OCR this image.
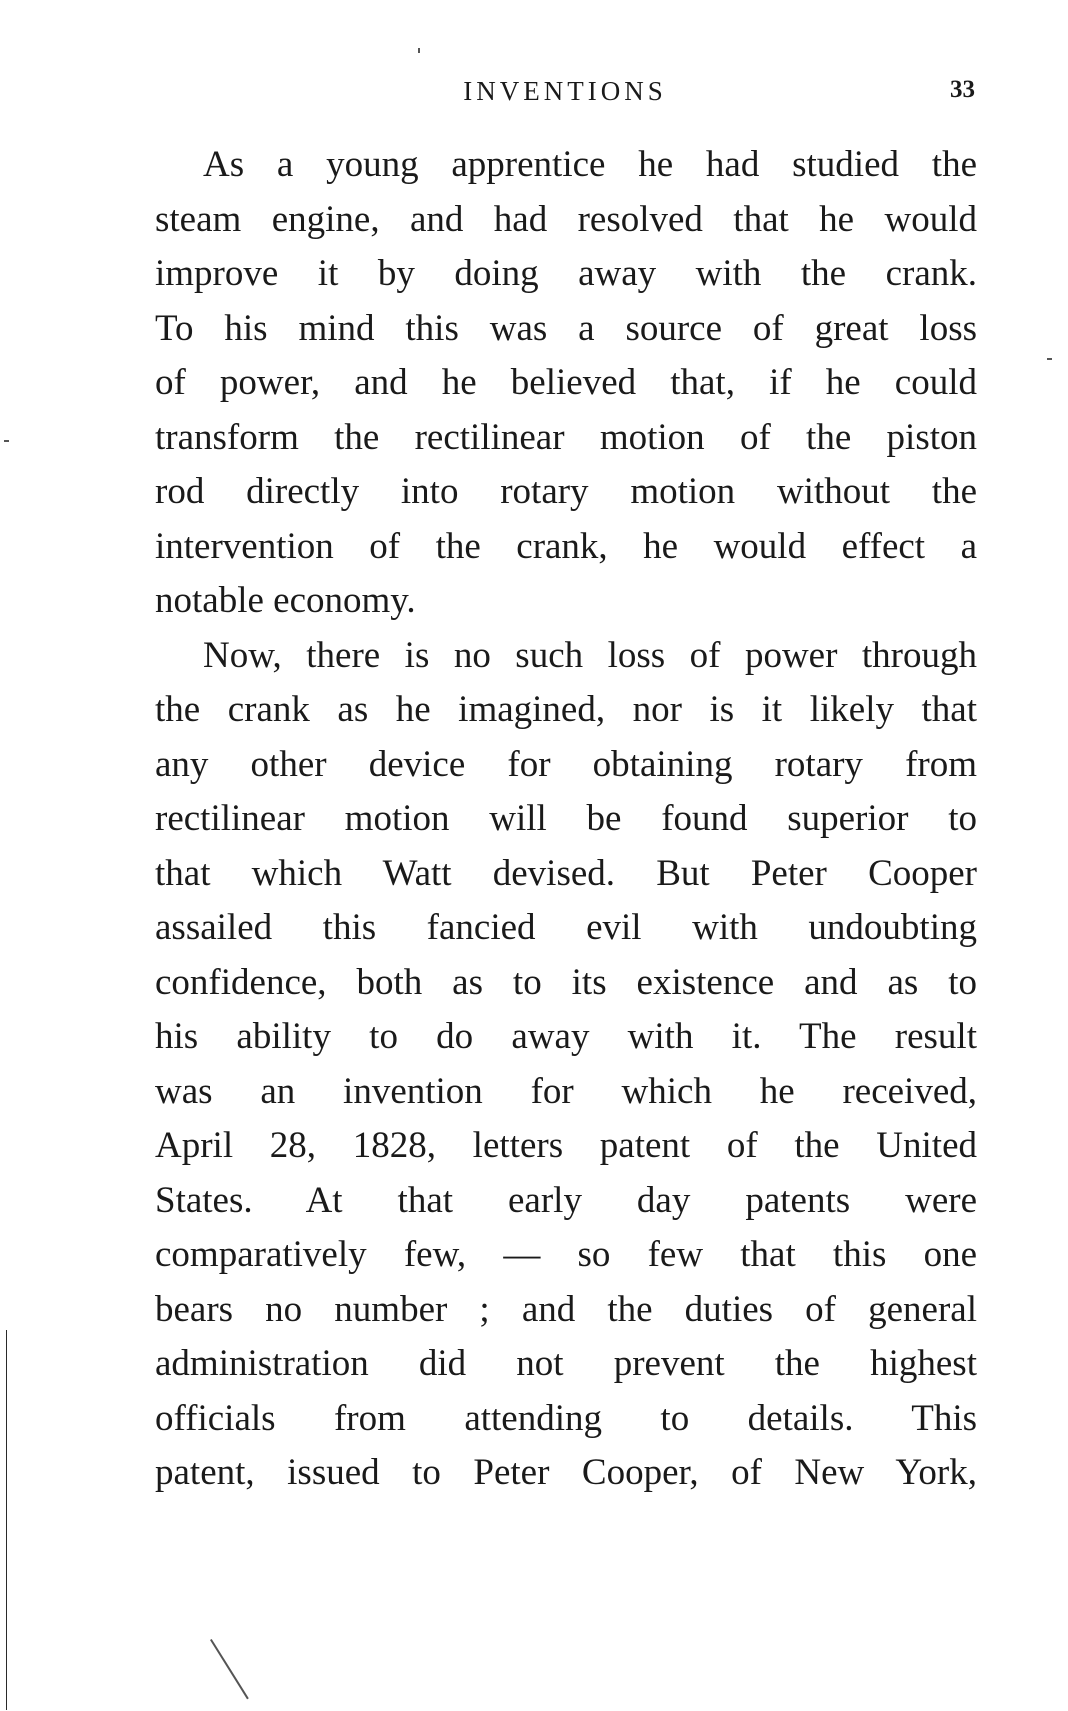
INVENTIONS	33
As a young apprentice he had studied the
steam engine, and had resolved that he would
improve it by doing away with the crank.
To his mind this was a source of great loss
of power, and he believed that, if he could
transform the rectilinear motion of the piston
rod directly into rotary motion without the
intervention of the crank, he would effect a
notable economy.
Now, there is no such loss of power through
the crank as he imagined, nor is it likely that
any other device for obtaining rotary from
rectilinear motion will be found superior to
that which Watt devised. But Peter Cooper
assailed this fancied evil with undoubting
confidence, both as to its existence and as to
his ability to do away with it. The result
was an invention for which he received,
April 28, 1828, letters patent of the United
States. At that early day patents were
comparatively few, — so few that this one
bears no number ; and the duties of general
administration did not prevent the highest
officials from attending to details. This
patent, issued to Peter Cooper, of New York,
